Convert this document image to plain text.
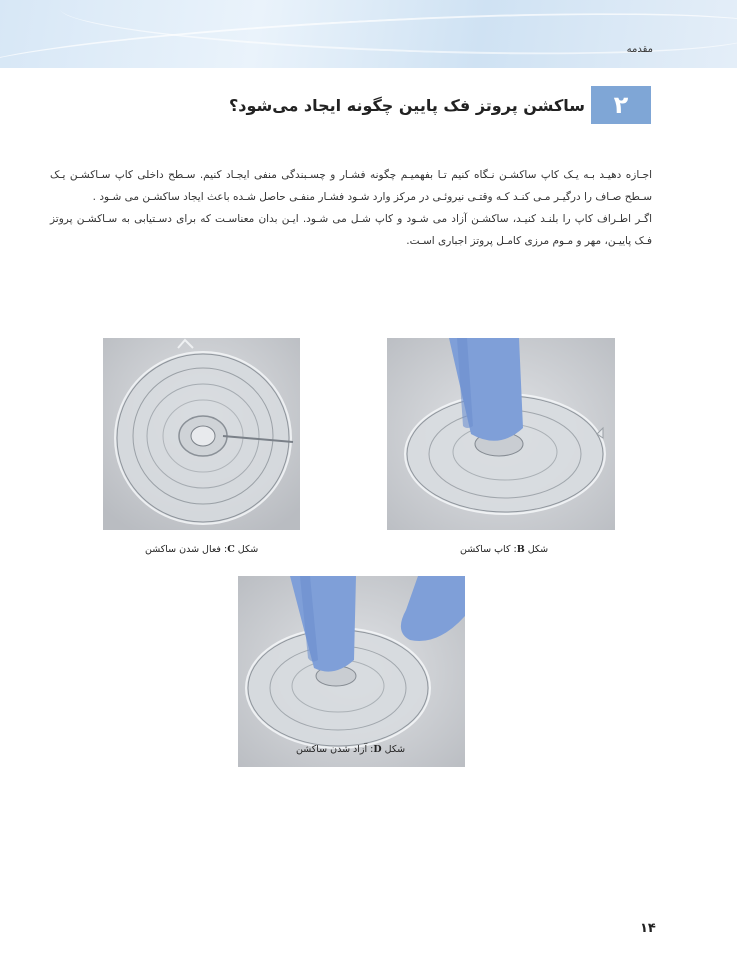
مقدمه
۲
ساکشن پروتز فک پایین چگونه ایجاد می‌شود؟
اجـازه دهیـد بـه یـک کاپ ساکشـن نـگاه کنیم تـا بفهمیـم چگونه فشـار و چسـبندگی منفی ایجـاد کنیم. سـطح داخلی کاپ سـاکشـن یـک سـطح صـاف را درگیـر مـی کنـد کـه وقتـی نیروئـی در مرکز وارد شـود فشـار منفـی حاصل شـده باعث ایجاد ساکشـن می شـود .
اگـر اطـراف کاپ را بلنـد کنیـد، ساکشـن آزاد می شـود و کاپ شـل می شـود. ایـن بدان معناسـت که برای دسـتیابی به سـاکشـن پروتز فـک پاییـن، مهر و مـوم مرزی کامـل پروتز اجباری اسـت.
شکل B: کاپ ساکشن
شکل C: فعال شدن ساکشن
شکل D: آزاد شدن ساکشن
۱۴
